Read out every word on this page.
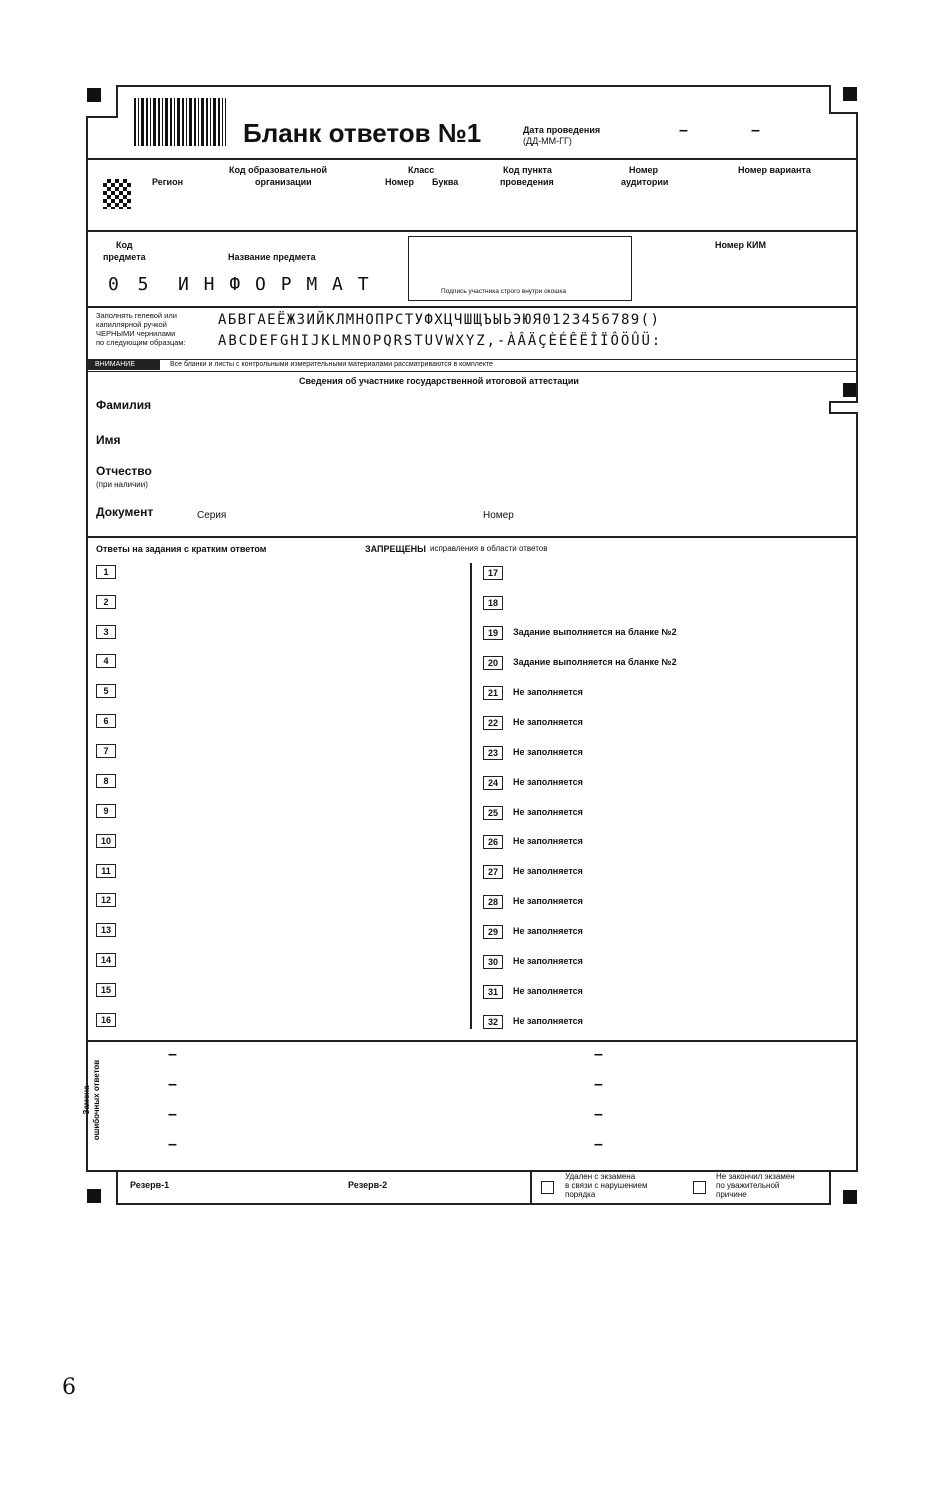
Бланк ответов №1	Дата проведения
(ДД-ММ-ГГ)
–	–
Регион
Код образовательной
организации
Класс
Номер Буква
Код пункта
проведения
Номер
аудитории
Номер варианта
Код
предмета	Название предмета
0 5 И Н Ф О Р М А Т	Подпись участника строго внутри окошка
Номер КИМ
Заполнять гелевой или
капиллярной ручкой
ЧЕРНЫМИ чернилами
по следующим образцам:
АБВГАЕЁЖЗИЙКЛМНОПРСТУФХЦЧШЩЪЫЬЭЮЯ0123456789()
ABCDEFGHIJKLMNOPQRSTUVWXYZ,-ÀÂÄÇÈÉÊËÎÏÔÖÛÜ:
ВНИМАНИЕ	Все бланки и листы с контрольными измерительными материалами рассматриваются в комплекте
Сведения об участнике государственной итоговой аттестации
Фамилия
Имя
Отчество
(при наличии)
Документ	Серия	Номер
Ответы на задания с кратким ответом	ЗАПРЕЩЕНЫ исправления в области ответов
1
2
3
4
5
6
7
8
9
10
11
12
13
14
15
16
17
18
19	Задание выполняется на бланке №2
20	Задание выполняется на бланке №2
21	Не заполняется
22	Не заполняется
23	Не заполняется
24	Не заполняется
25	Не заполняется
26	Не заполняется
27	Не заполняется
28	Не заполняется
29	Не заполняется
30	Не заполняется
31	Не заполняется
32	Не заполняется
Замена ошибочных ответов
–
–
–
–
–
–
–
–
Резерв-1	Резерв-2
Удален с экзамена
в связи с нарушением
порядка
Не закончил экзамен
по уважительной
причине
6
